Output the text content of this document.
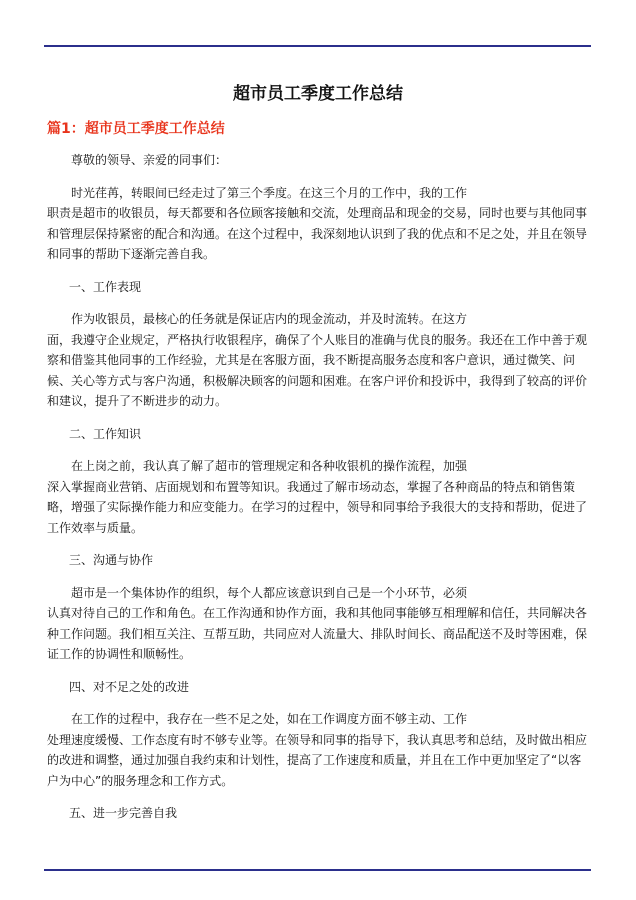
超市员工季度工作总结
篇1：超市员工季度工作总结

尊敬的领导、亲爱的同事们：

时光荏苒，转眼间已经走过了第三个季度。在这三个月的工作中，我的工作
职责是超市的收银员，每天都要和各位顾客接触和交流，处理商品和现金的交易，同时也要与其他同事和管理层保持紧密的配合和沟通。在这个过程中，我深刻地认识到了我的优点和不足之处，并且在领导和同事的帮助下逐渐完善自我。

一、工作表现

作为收银员，最核心的任务就是保证店内的现金流动，并及时流转。在这方
面，我遵守企业规定，严格执行收银程序，确保了个人账目的准确与优良的服务。我还在工作中善于观察和借鉴其他同事的工作经验，尤其是在客服方面，我不断提高服务态度和客户意识，通过微笑、问候、关心等方式与客户沟通，积极解决顾客的问题和困难。在客户评价和投诉中，我得到了较高的评价和建议，提升了不断进步的动力。

二、工作知识

在上岗之前，我认真了解了超市的管理规定和各种收银机的操作流程，加强
深入掌握商业营销、店面规划和布置等知识。我通过了解市场动态，掌握了各种商品的特点和销售策略，增强了实际操作能力和应变能力。在学习的过程中，领导和同事给予我很大的支持和帮助，促进了工作效率与质量。

三、沟通与协作

超市是一个集体协作的组织，每个人都应该意识到自己是一个小环节，必须
认真对待自己的工作和角色。在工作沟通和协作方面，我和其他同事能够互相理解和信任，共同解决各种工作问题。我们相互关注、互帮互助，共同应对人流量大、排队时间长、商品配送不及时等困难，保证工作的协调性和顺畅性。

四、对不足之处的改进

在工作的过程中，我存在一些不足之处，如在工作调度方面不够主动、工作
处理速度缓慢、工作态度有时不够专业等。在领导和同事的指导下，我认真思考和总结，及时做出相应的改进和调整，通过加强自我约束和计划性，提高了工作速度和质量，并且在工作中更加坚定了“以客户为中心”的服务理念和工作方式。

五、进一步完善自我
